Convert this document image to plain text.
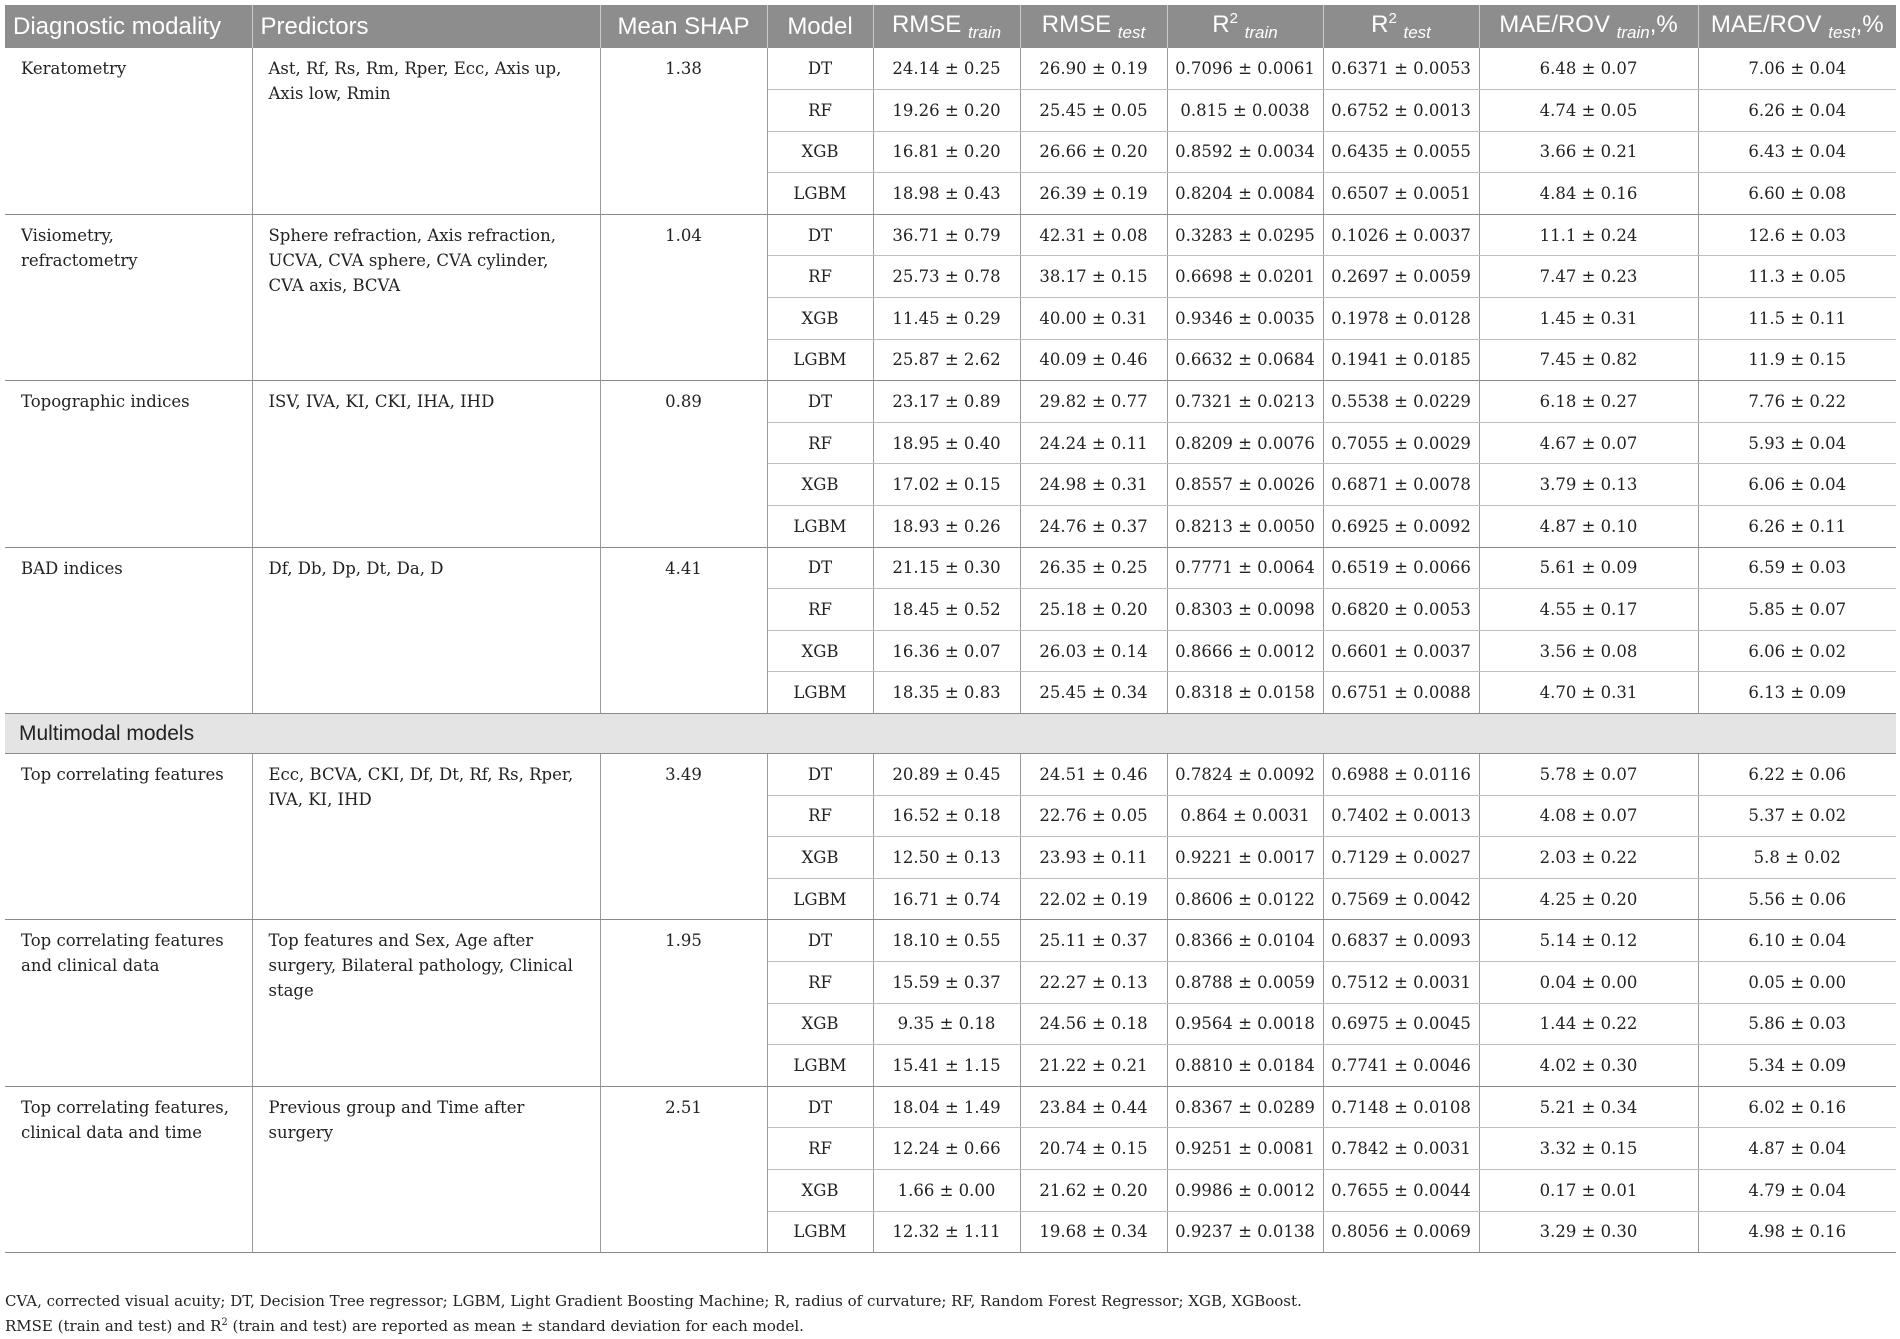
Diagnostic modality	Predictors	Mean SHAP	Model	RMSE $_{train}$	RMSE $_{test}$	$R^2$ $_{train}$	$R^2$ $_{test}$	MAE/ROV $_{train}$,%	MAE/ROV $_{test}$,%
Keratometry	Ast, Rf, Rs, Rm, Rper, Ecc, Axis up, Axis low, Rmin	1.38	DT	24.14 ± 0.25	26.90 ± 0.19	0.7096 ± 0.0061	0.6371 ± 0.0053	6.48 ± 0.07	7.06 ± 0.04
			RF	19.26 ± 0.20	25.45 ± 0.05	0.815 ± 0.0038	0.6752 ± 0.0013	4.74 ± 0.05	6.26 ± 0.04
			XGB	16.81 ± 0.20	26.66 ± 0.20	0.8592 ± 0.0034	0.6435 ± 0.0055	3.66 ± 0.21	6.43 ± 0.04
			LGBM	18.98 ± 0.43	26.39 ± 0.19	0.8204 ± 0.0084	0.6507 ± 0.0051	4.84 ± 0.16	6.60 ± 0.08
Visiometry, refractometry	Sphere refraction, Axis refraction, UCVA, CVA sphere, CVA cylinder, CVA axis, BCVA	1.04	DT	36.71 ± 0.79	42.31 ± 0.08	0.3283 ± 0.0295	0.1026 ± 0.0037	11.1 ± 0.24	12.6 ± 0.03
			RF	25.73 ± 0.78	38.17 ± 0.15	0.6698 ± 0.0201	0.2697 ± 0.0059	7.47 ± 0.23	11.3 ± 0.05
			XGB	11.45 ± 0.29	40.00 ± 0.31	0.9346 ± 0.0035	0.1978 ± 0.0128	1.45 ± 0.31	11.5 ± 0.11
			LGBM	25.87 ± 2.62	40.09 ± 0.46	0.6632 ± 0.0684	0.1941 ± 0.0185	7.45 ± 0.82	11.9 ± 0.15
Topographic indices	ISV, IVA, KI, CKI, IHA, IHD	0.89	DT	23.17 ± 0.89	29.82 ± 0.77	0.7321 ± 0.0213	0.5538 ± 0.0229	6.18 ± 0.27	7.76 ± 0.22
			RF	18.95 ± 0.40	24.24 ± 0.11	0.8209 ± 0.0076	0.7055 ± 0.0029	4.67 ± 0.07	5.93 ± 0.04
			XGB	17.02 ± 0.15	24.98 ± 0.31	0.8557 ± 0.0026	0.6871 ± 0.0078	3.79 ± 0.13	6.06 ± 0.04
			LGBM	18.93 ± 0.26	24.76 ± 0.37	0.8213 ± 0.0050	0.6925 ± 0.0092	4.87 ± 0.10	6.26 ± 0.11
BAD indices	Df, Db, Dp, Dt, Da, D	4.41	DT	21.15 ± 0.30	26.35 ± 0.25	0.7771 ± 0.0064	0.6519 ± 0.0066	5.61 ± 0.09	6.59 ± 0.03
			RF	18.45 ± 0.52	25.18 ± 0.20	0.8303 ± 0.0098	0.6820 ± 0.0053	4.55 ± 0.17	5.85 ± 0.07
			XGB	16.36 ± 0.07	26.03 ± 0.14	0.8666 ± 0.0012	0.6601 ± 0.0037	3.56 ± 0.08	6.06 ± 0.02
			LGBM	18.35 ± 0.83	25.45 ± 0.34	0.8318 ± 0.0158	0.6751 ± 0.0088	4.70 ± 0.31	6.13 ± 0.09
Multimodal models									
Top correlating features	Ecc, BCVA, CKI, Df, Dt, Rf, Rs, Rper, IVA, KI, IHD	3.49	DT	20.89 ± 0.45	24.51 ± 0.46	0.7824 ± 0.0092	0.6988 ± 0.0116	5.78 ± 0.07	6.22 ± 0.06
			RF	16.52 ± 0.18	22.76 ± 0.05	0.864 ± 0.0031	0.7402 ± 0.0013	4.08 ± 0.07	5.37 ± 0.02
			XGB	12.50 ± 0.13	23.93 ± 0.11	0.9221 ± 0.0017	0.7129 ± 0.0027	2.03 ± 0.22	5.8 ± 0.02
			LGBM	16.71 ± 0.74	22.02 ± 0.19	0.8606 ± 0.0122	0.7569 ± 0.0042	4.25 ± 0.20	5.56 ± 0.06
Top correlating features and clinical data	Top features and Sex, Age after surgery, Bilateral pathology, Clinical stage	1.95	DT	18.10 ± 0.55	25.11 ± 0.37	0.8366 ± 0.0104	0.6837 ± 0.0093	5.14 ± 0.12	6.10 ± 0.04
			RF	15.59 ± 0.37	22.27 ± 0.13	0.8788 ± 0.0059	0.7512 ± 0.0031	0.04 ± 0.00	0.05 ± 0.00
			XGB	9.35 ± 0.18	24.56 ± 0.18	0.9564 ± 0.0018	0.6975 ± 0.0045	1.44 ± 0.22	5.86 ± 0.03
			LGBM	15.41 ± 1.15	21.22 ± 0.21	0.8810 ± 0.0184	0.7741 ± 0.0046	4.02 ± 0.30	5.34 ± 0.09
Top correlating features, clinical data and time	Previous group and Time after surgery	2.51	DT	18.04 ± 1.49	23.84 ± 0.44	0.8367 ± 0.0289	0.7148 ± 0.0108	5.21 ± 0.34	6.02 ± 0.16
			RF	12.24 ± 0.66	20.74 ± 0.15	0.9251 ± 0.0081	0.7842 ± 0.0031	3.32 ± 0.15	4.87 ± 0.04
			XGB	1.66 ± 0.00	21.62 ± 0.20	0.9986 ± 0.0012	0.7655 ± 0.0044	0.17 ± 0.01	4.79 ± 0.04
			LGBM	12.32 ± 1.11	19.68 ± 0.34	0.9237 ± 0.0138	0.8056 ± 0.0069	3.29 ± 0.30	4.98 ± 0.16

CVA, corrected visual acuity; DT, Decision Tree regressor; LGBM, Light Gradient Boosting Machine; R, radius of curvature; RF, Random Forest Regressor; XGB, XGBoost.

RMSE (train and test) and $R^2$ (train and test) are reported as mean ± standard deviation for each model.
